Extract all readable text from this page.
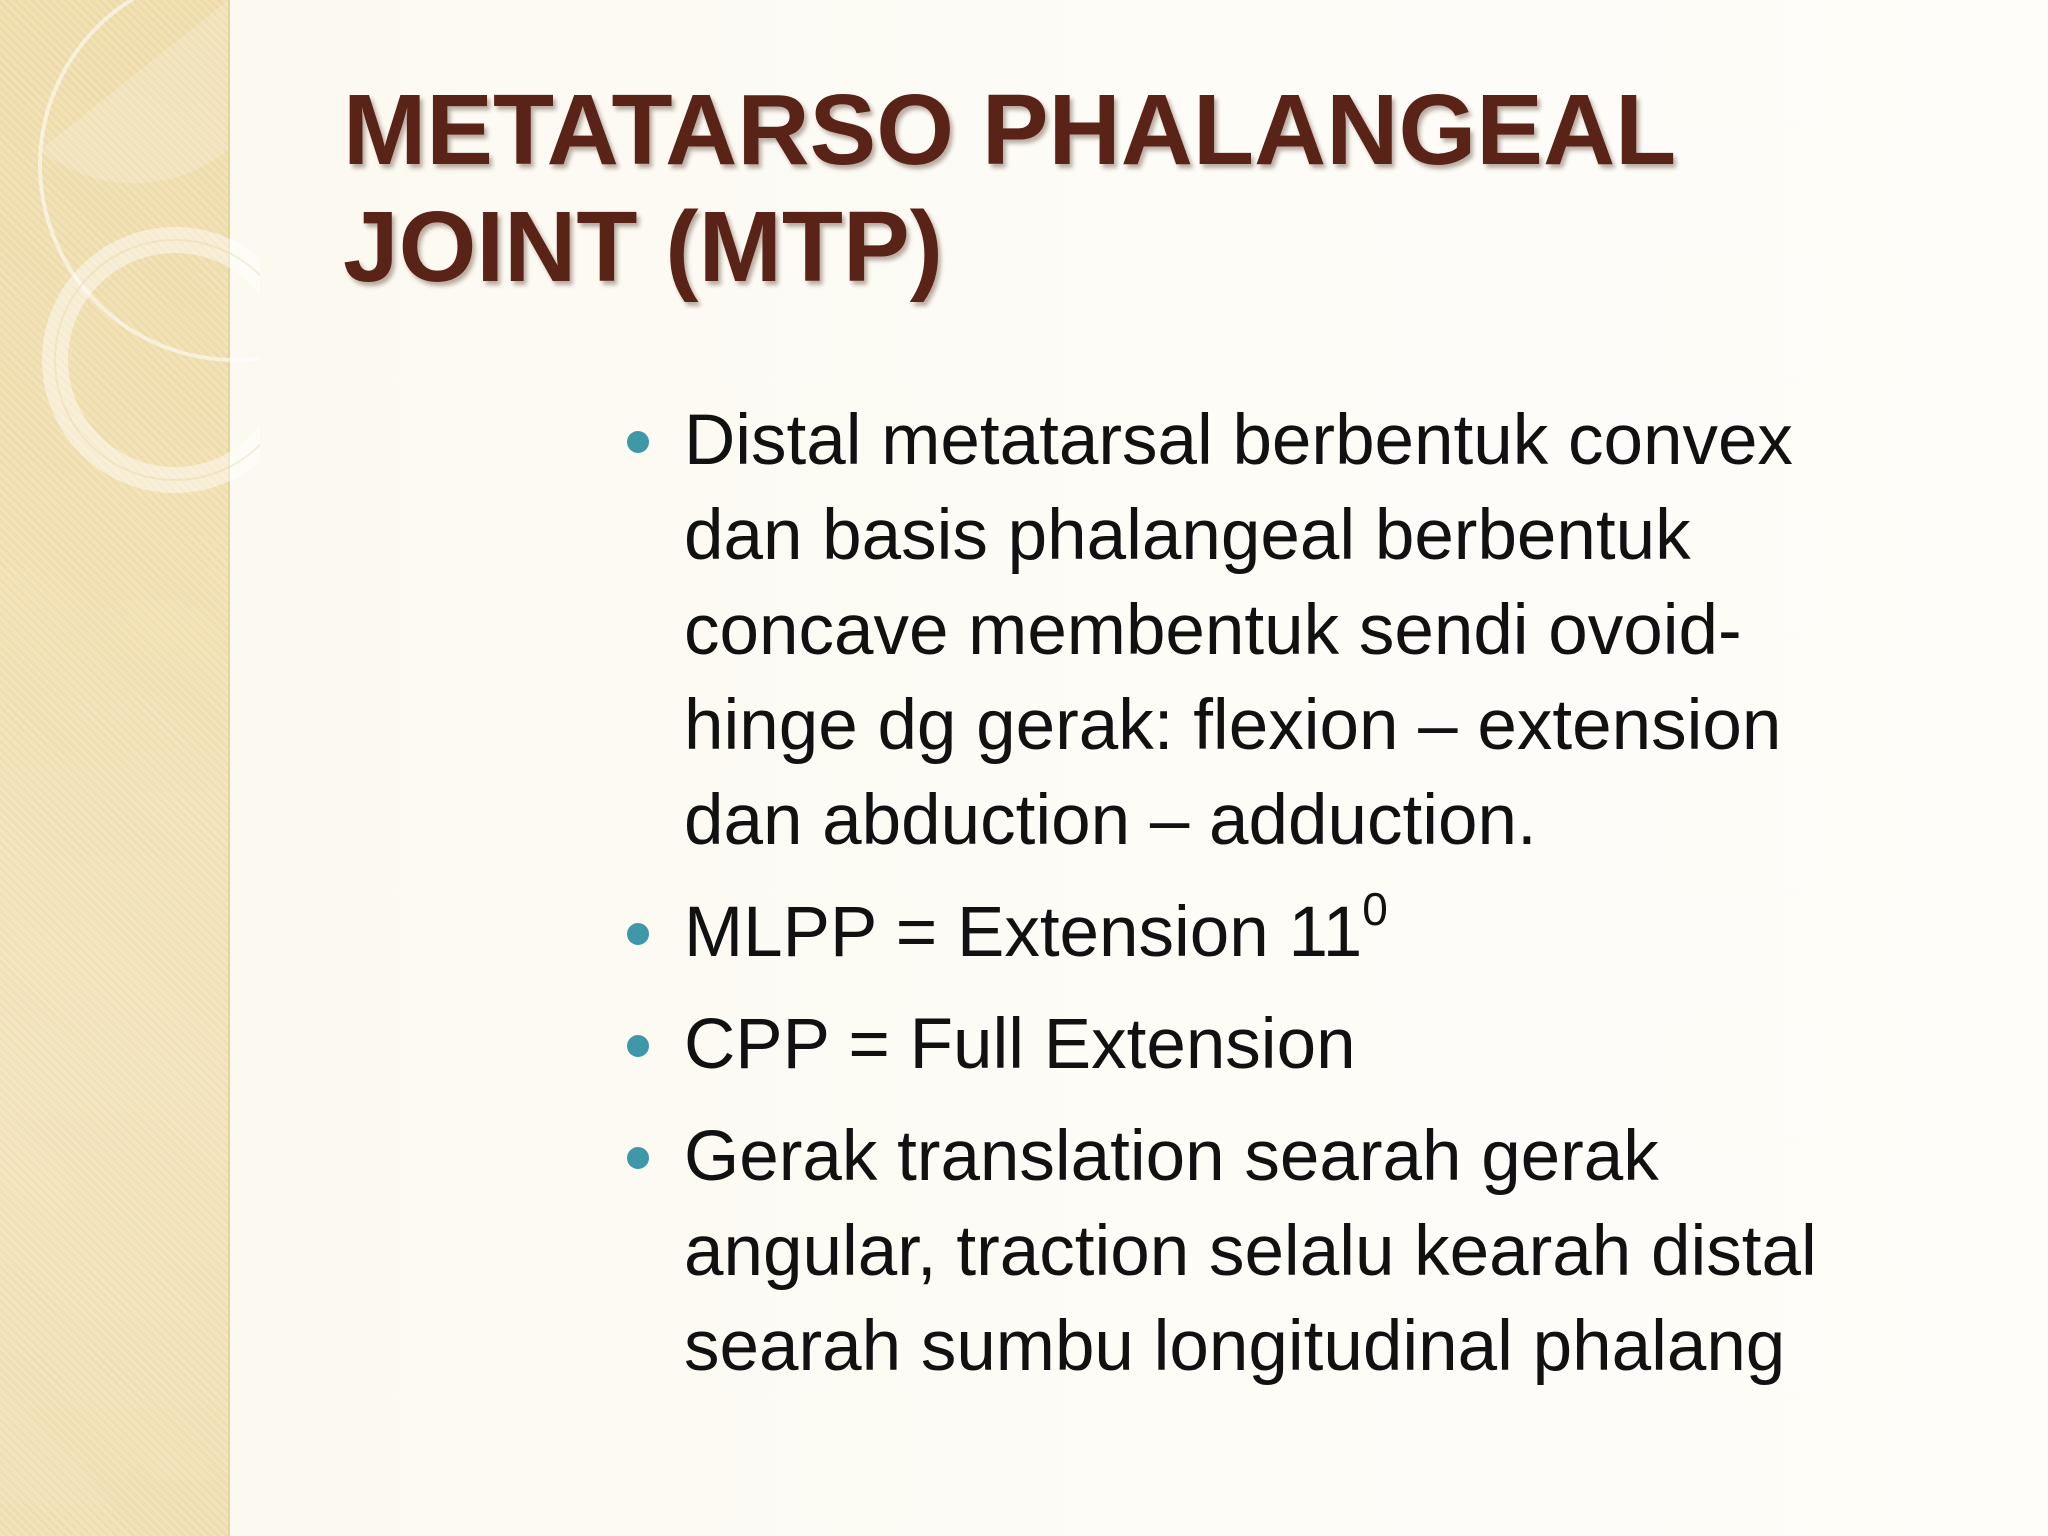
METATARSO PHALANGEAL
JOINT (MTP)
Distal metatarsal berbentuk convex
dan basis phalangeal berbentuk
concave membentuk sendi ovoid-
hinge dg gerak: flexion – extension
dan abduction – adduction.
MLPP = Extension $11^0$
CPP = Full Extension
Gerak translation searah gerak
angular, traction selalu kearah distal
searah sumbu longitudinal phalang
